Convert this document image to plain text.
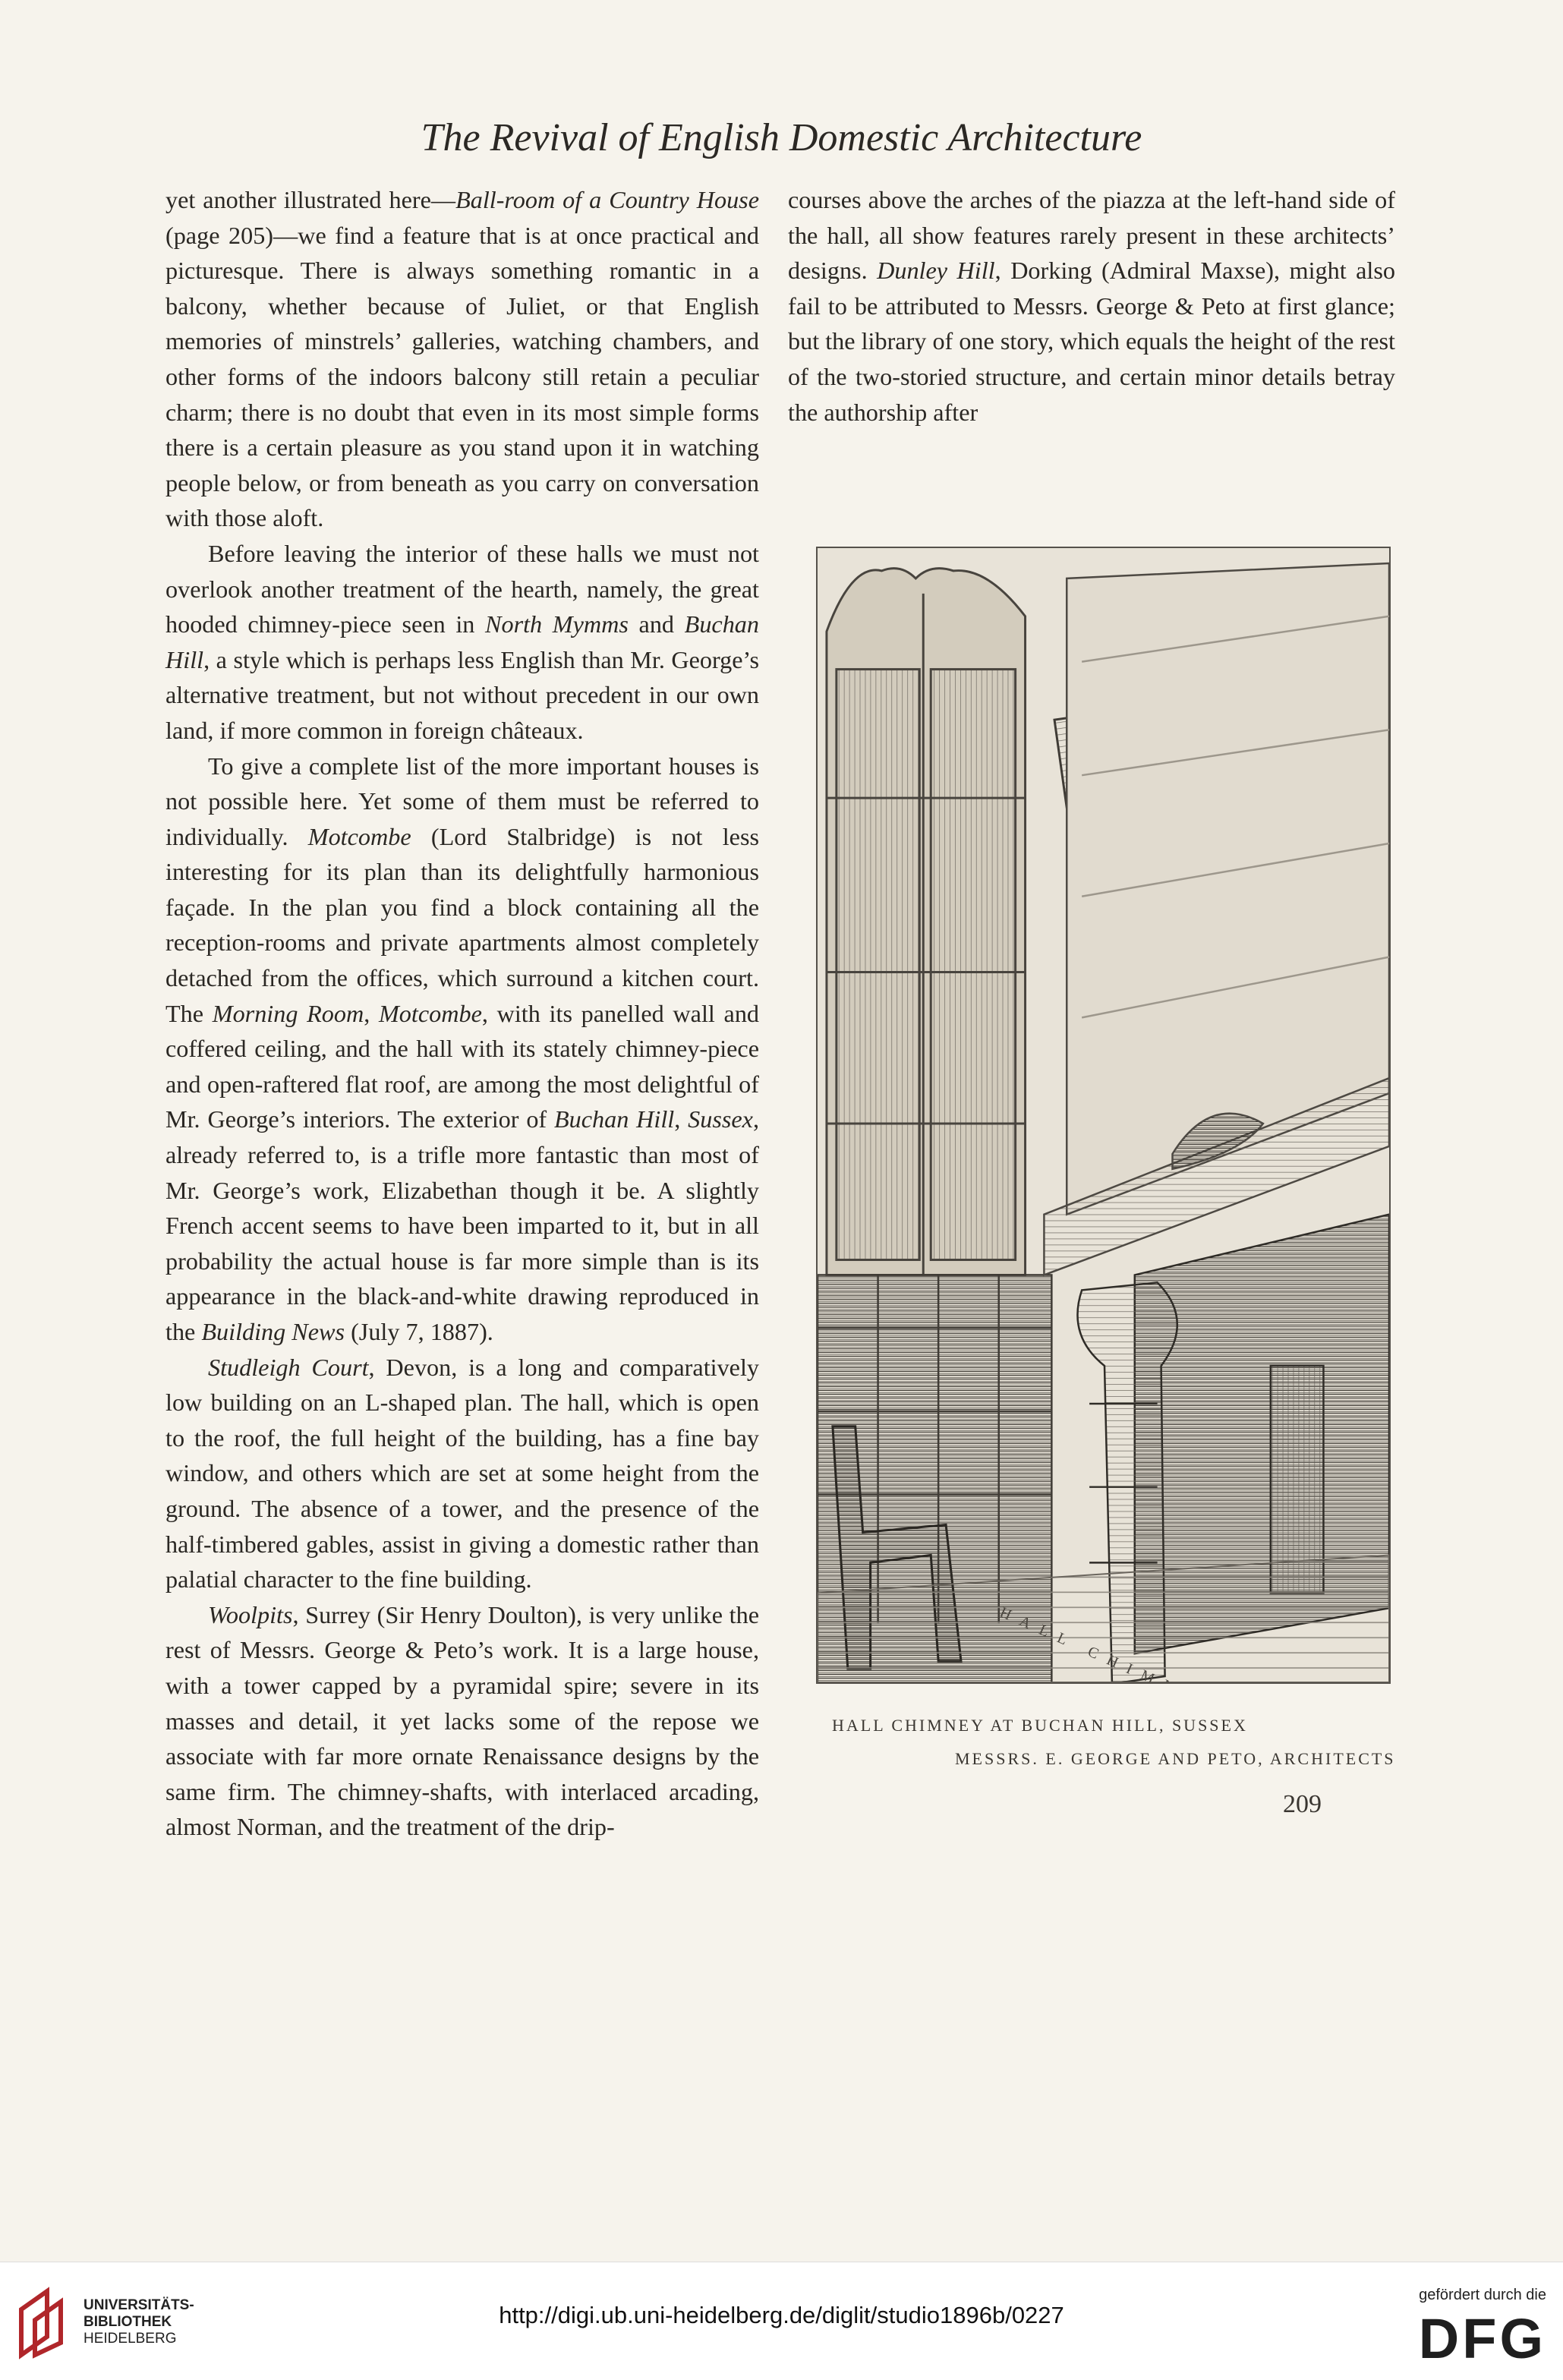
The Revival of English Domestic Architecture

yet another illustrated here—Ball-room of a Country House (page 205)—we find a feature that is at once practical and picturesque. There is always something romantic in a balcony, whether because of Juliet, or that English memories of minstrels’ galleries, watching chambers, and other forms of the indoors balcony still retain a peculiar charm; there is no doubt that even in its most simple forms there is a certain pleasure as you stand upon it in watching people below, or from beneath as you carry on conversation with those aloft.

Before leaving the interior of these halls we must not overlook another treatment of the hearth, namely, the great hooded chimney-piece seen in North Mymms and Buchan Hill, a style which is perhaps less English than Mr. George’s alternative treatment, but not without precedent in our own land, if more common in foreign châteaux.

To give a complete list of the more important houses is not possible here. Yet some of them must be referred to individually. Motcombe (Lord Stalbridge) is not less interesting for its plan than its delightfully harmonious façade. In the plan you find a block containing all the reception-rooms and private apartments almost completely detached from the offices, which surround a kitchen court. The Morning Room, Motcombe, with its panelled wall and coffered ceiling, and the hall with its stately chimney-piece and open-raftered flat roof, are among the most delightful of Mr. George’s interiors. The exterior of Buchan Hill, Sussex, already referred to, is a trifle more fantastic than most of Mr. George’s work, Elizabethan though it be. A slightly French accent seems to have been imparted to it, but in all probability the actual house is far more simple than is its appearance in the black-and-white drawing reproduced in the Building News (July 7, 1887).

Studleigh Court, Devon, is a long and comparatively low building on an L-shaped plan. The hall, which is open to the roof, the full height of the building, has a fine bay window, and others which are set at some height from the ground. The absence of a tower, and the presence of the half-timbered gables, assist in giving a domestic rather than palatial character to the fine building.

Woolpits, Surrey (Sir Henry Doulton), is very unlike the rest of Messrs. George & Peto’s work. It is a large house, with a tower capped by a pyramidal spire; severe in its masses and detail, it yet lacks some of the repose we associate with far more ornate Renaissance designs by the same firm. The chimney-shafts, with interlaced arcading, almost Norman, and the treatment of the drip-

courses above the arches of the piazza at the left-hand side of the hall, all show features rarely present in these architects’ designs. Dunley Hill, Dorking (Admiral Maxse), might also fail to be attributed to Messrs. George & Peto at first glance; but the library of one story, which equals the height of the rest of the two-storied structure, and certain minor details betray the authorship after

HALL CHIMNEY AT BUCHAN HILL, SUSSEX
MESSRS. E. GEORGE AND PETO, ARCHITECTS
209
UNIVERSITÄTS-
BIBLIOTHEK
HEIDELBERG
http://digi.ub.uni-heidelberg.de/diglit/studio1896b/0227
gefördert durch die
DFG
